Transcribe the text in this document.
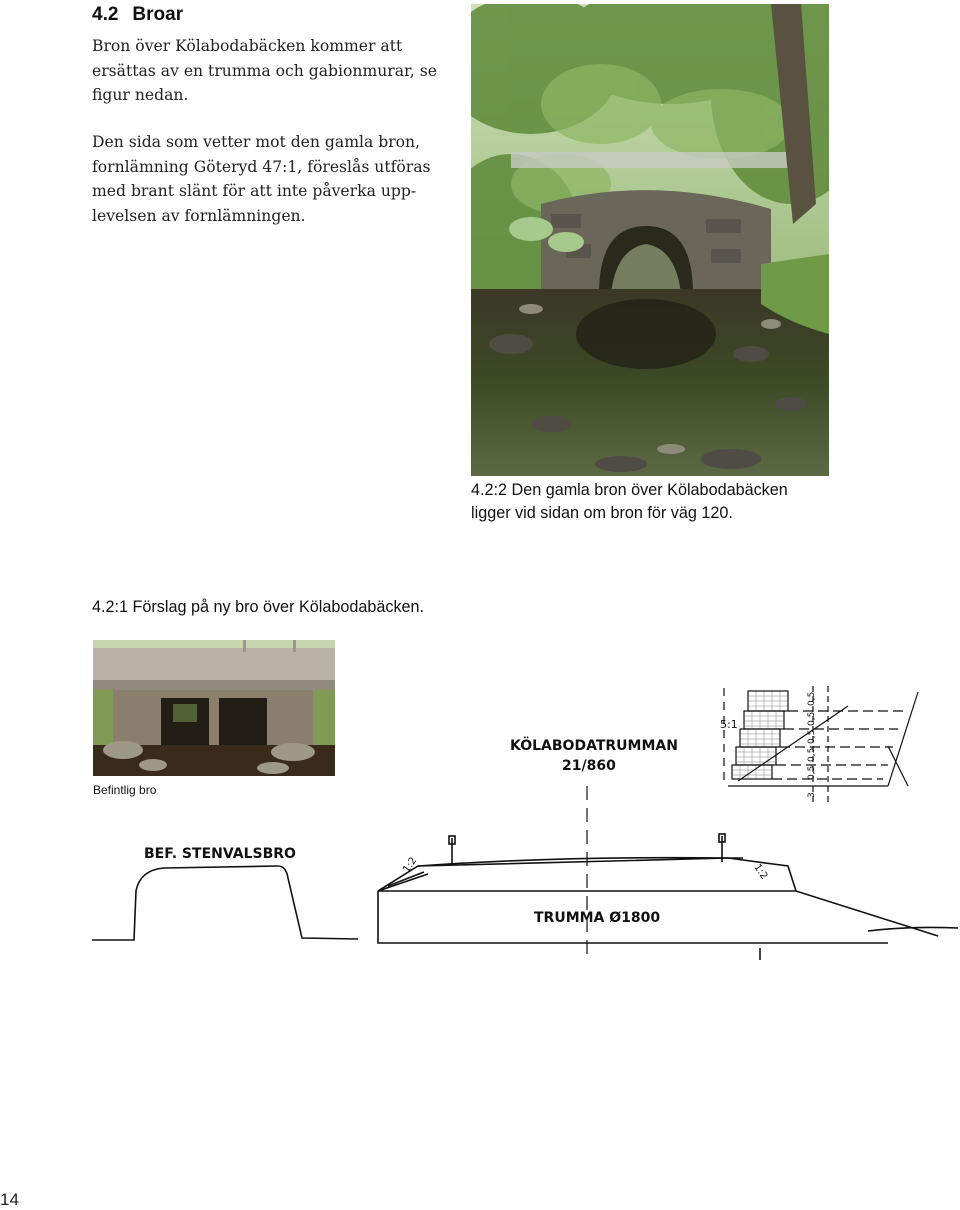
4.2 Broar
Bron över Kölabodabäcken kommer att ersättas av en trumma och gabionmurar, se figur nedan.
Den sida som vetter mot den gamla bron, fornlämning Göteryd 47:1, föreslås utföras med brant slänt för att inte påverka upp-levelsen av fornlämningen.
4.2:2 Den gamla bron över Kölabodabäcken ligger vid sidan om bron för väg 120.
4.2:1 Förslag på ny bro över Kölabodabäcken.
Befintlig bro
KÖLABODATRUMMAN
21/860
BEF. STENVALSBRO
TRUMMA Ø1800
1:2	1:2
5:1
0,5
0,5
0,5
0,5
0,5
3
14
